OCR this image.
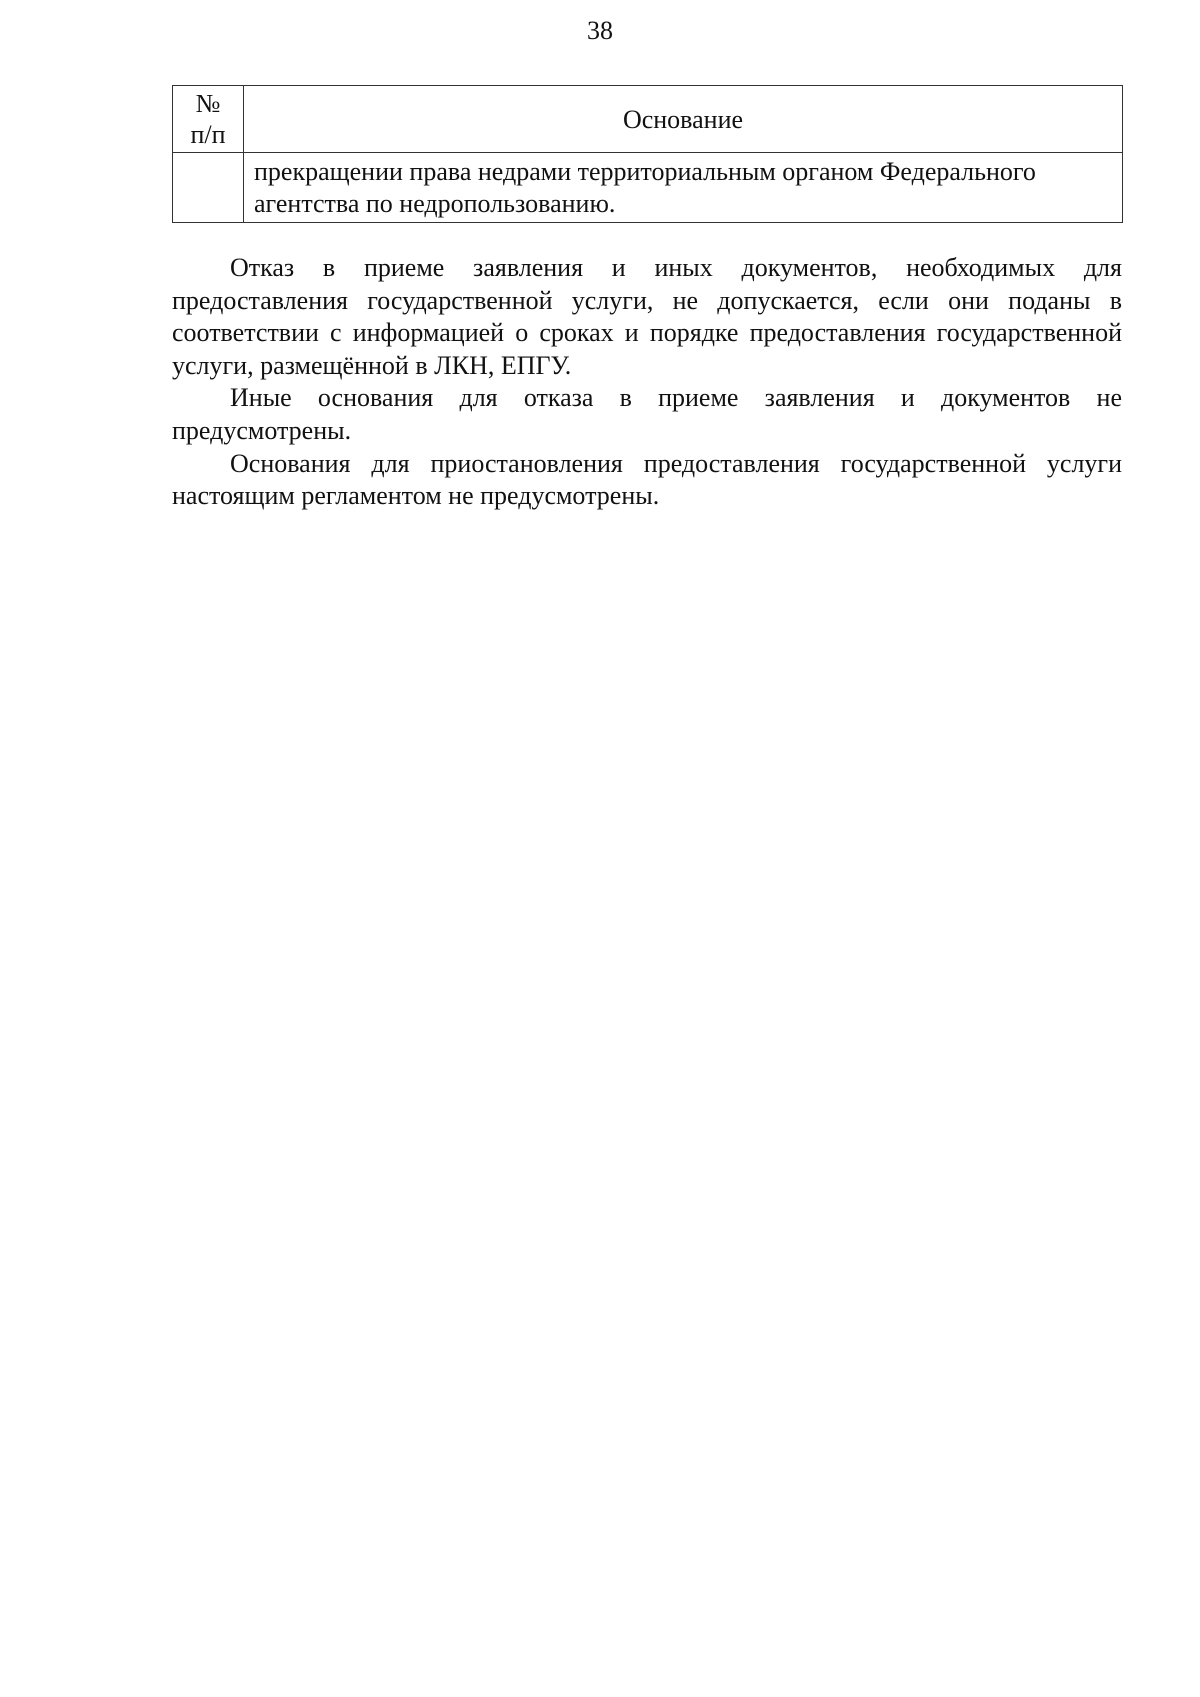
38
№
п/п	Основание
	прекращении права недрами территориальным органом Федерального агентства по недропользованию.

Отказ в приеме заявления и иных документов, необходимых для предоставления государственной услуги, не допускается, если они поданы в соответствии с информацией о сроках и порядке предоставления государственной услуги, размещённой в ЛКН, ЕПГУ.

Иные основания для отказа в приеме заявления и документов не предусмотрены.

Основания для приостановления предоставления государственной услуги настоящим регламентом не предусмотрены.
